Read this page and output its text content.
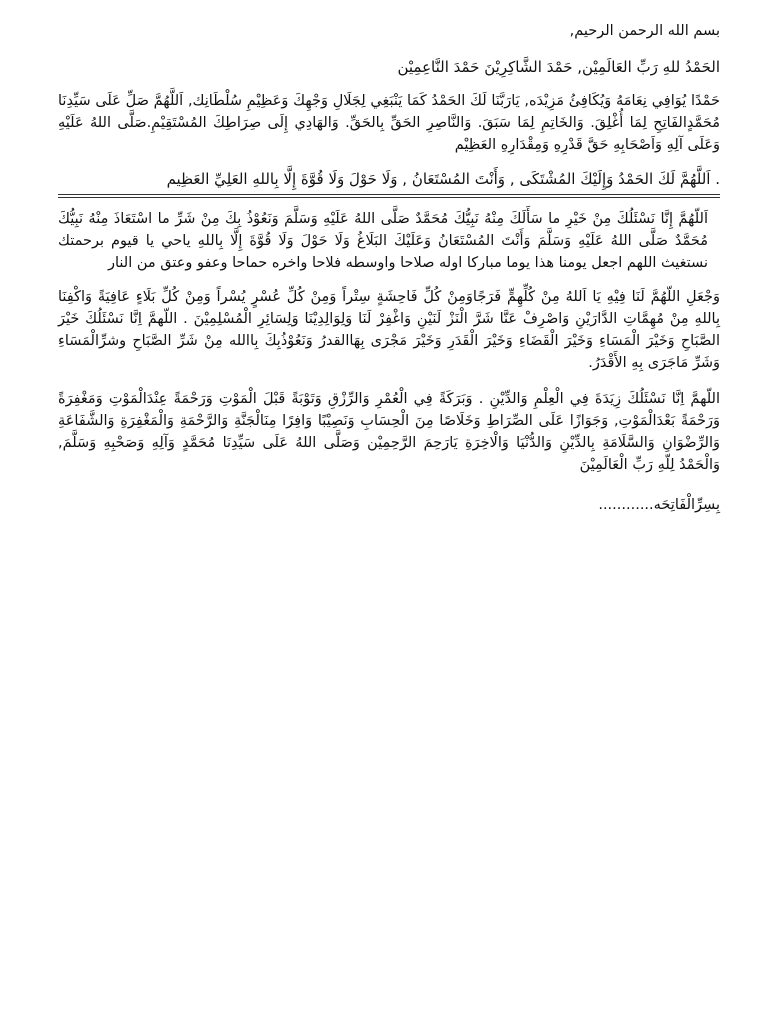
بسم الله الرحمن الرحيم,

الحَمْدُ للهِ رَبِّ العَالَمِيْن, حَمْدَ الشَّاكِرِيْنَ حَمْدَ النَّاعِمِيْن

حَمْدًا يُوَافِي نِعَامَهُ وَيُكَافِئُ مَزِيْدَه, يَارَبَّنَا لَكَ الحَمْدُ كَمَا يَنْبَغِي لِجَلَالِ وَجْهِكَ وَعَظِيْمِ سُلْطَانِك, اَللَّهُمَّ صَلِّ عَلَى سَيِّدِنَا مُحَمَّدٍالفَاتِحِ لِمَا أُغْلِقَ. وَالخَاتِمِ لِمَا سَبَقَ. وَالنَّاصِرِ الحَقِّ بِالحَقِّ. وَالهَادِي إِلَى صِرَاطِكَ المُسْتَقِيْمِ.صَلَّى اللهُ عَلَيْهِ وَعَلَى آلِهِ وَاَصْحَابِهِ حَقَّ قَدْرِهِ وَمِقْدَارِهِ العَظِيْم

. اَللَّهُمَّ لَكَ الحَمْدُ وَإِلَيْكَ المُشْتَكَى , وَأَنْتَ المُسْتَعَانُ , وَلَا حَوْلَ وَلَا قُوَّةَ إِلَّا بِاللهِ العَلِيِّ العَظِيم

اَللّهُمَّ إِنَّا نَسْئَلُكَ مِنْ خَيْرِ ما سَأَلَكَ مِنْهُ نَبِيُّكَ مُحَمَّدٌ صَلَّى اللهُ عَلَيْهِ وَسَلَّمَ وَنَعُوْذُ بِكَ مِنْ شَرِّ ما اسْتَعَاذَ مِنْهُ نَبِيُّكَ مُحَمَّدٌ صَلَّى اللهُ عَلَيْهِ وَسَلَّمَ وَأَنْتَ المُسْتَعَانُ وَعَلَيْكَ البَلَاغُ وَلَا حَوْلَ وَلَا قُوَّةَ إِلَّا بِاللهِ ياحي يا قيوم برحمتك نستغيث اللهم اجعل يومنا هذا يوما مباركا اوله صلاحا واوسطه فلاحا واخره حماحا وعفو وعتق من النار

وَجْعَلِ اللّهُمَّ لَنَا فِيْهِ يَا اَللهُ مِنْ كُلِّهِمٍّ فَرَجًاوَمِنْ كُلِّ فَاحِشَةٍ سِتْراً وَمِنْ كُلِّ عُسْرٍ يُسْراً وَمِنْ كُلِّ بَلَاءٍ عَافِيَةً وَاكْفِنَا بِاللهِ مِنْ مُهِمَّاتِ الدَّارَيْنِ وَاصْرِفْ عَنَّا شَرَّ الْنَزْ لَنَيْنِ وَاغْفِرْ لَنَا وَلِوَالِدِيْنَا وَلِسَائِرِ الْمُسْلِمِيْنَ . اللّهمَّ اِنَّا نَسْئَلُكَ خَيْرَ الصَّبَاحِ وَخَيْرَ الْمَسَاءِ وَخَيْرَ الْقَضَاءِ وَخَيْرَ الْقَدَرِ وَخَيْرَ مَجْرَى بِهَاالقدرُ وَنَعُوْذُبِكَ بِاالله مِنْ شَرِّ الصَّبَاحِ وشرِّالْمَسَاءِ وَشَرِّ مَاجَرَى بِهِ الأَقْدَرُ.

اللّهمَّ اِنَّا نَسْئَلُكَ زِيَدَةَ فِي الْعِلْمِ وَالدِّيْنِ . وَبَرَكَةً فِي الْعُمْرِ وَالرِّزْقِ وَتَوْبَةً قَبْلَ الْمَوْتِ وَرَحْمَةً عِنْدَالْمَوْتِ وَمَغْفِرَةً وَرَحْمَةً بَعْدَالْمَوْتِ, وَجَوَازًا عَلَى الصِّرَاطِ وَخَلَاصًا مِنَ الْحِسَابِ وَنَصِيْبًا وَافِرًا مِنَالْجَنَّةِ وَالرَّحْمَةِ وَالْمَغْفِرَةِ وَالشَّفَاعَةِ وَالرِّضْوَانِ وَالسَّلَامَةِ بِالدِّيْنِ وَالدُّنْيَا وَالْاخِرَةِ يَارَحِمَ الرَّحِمِيْن وَصَلَّى اللهُ عَلَى سَيِّدِنَا مُحَمَّدٍ وَآلِهِ وَصَحْبِهِ وَسَلَّمَ, وَالْحَمْدُ لِلّهِ رَبِّ الْعَالَمِيْنَ

بِسِرِّالْفَاتِحَه............
